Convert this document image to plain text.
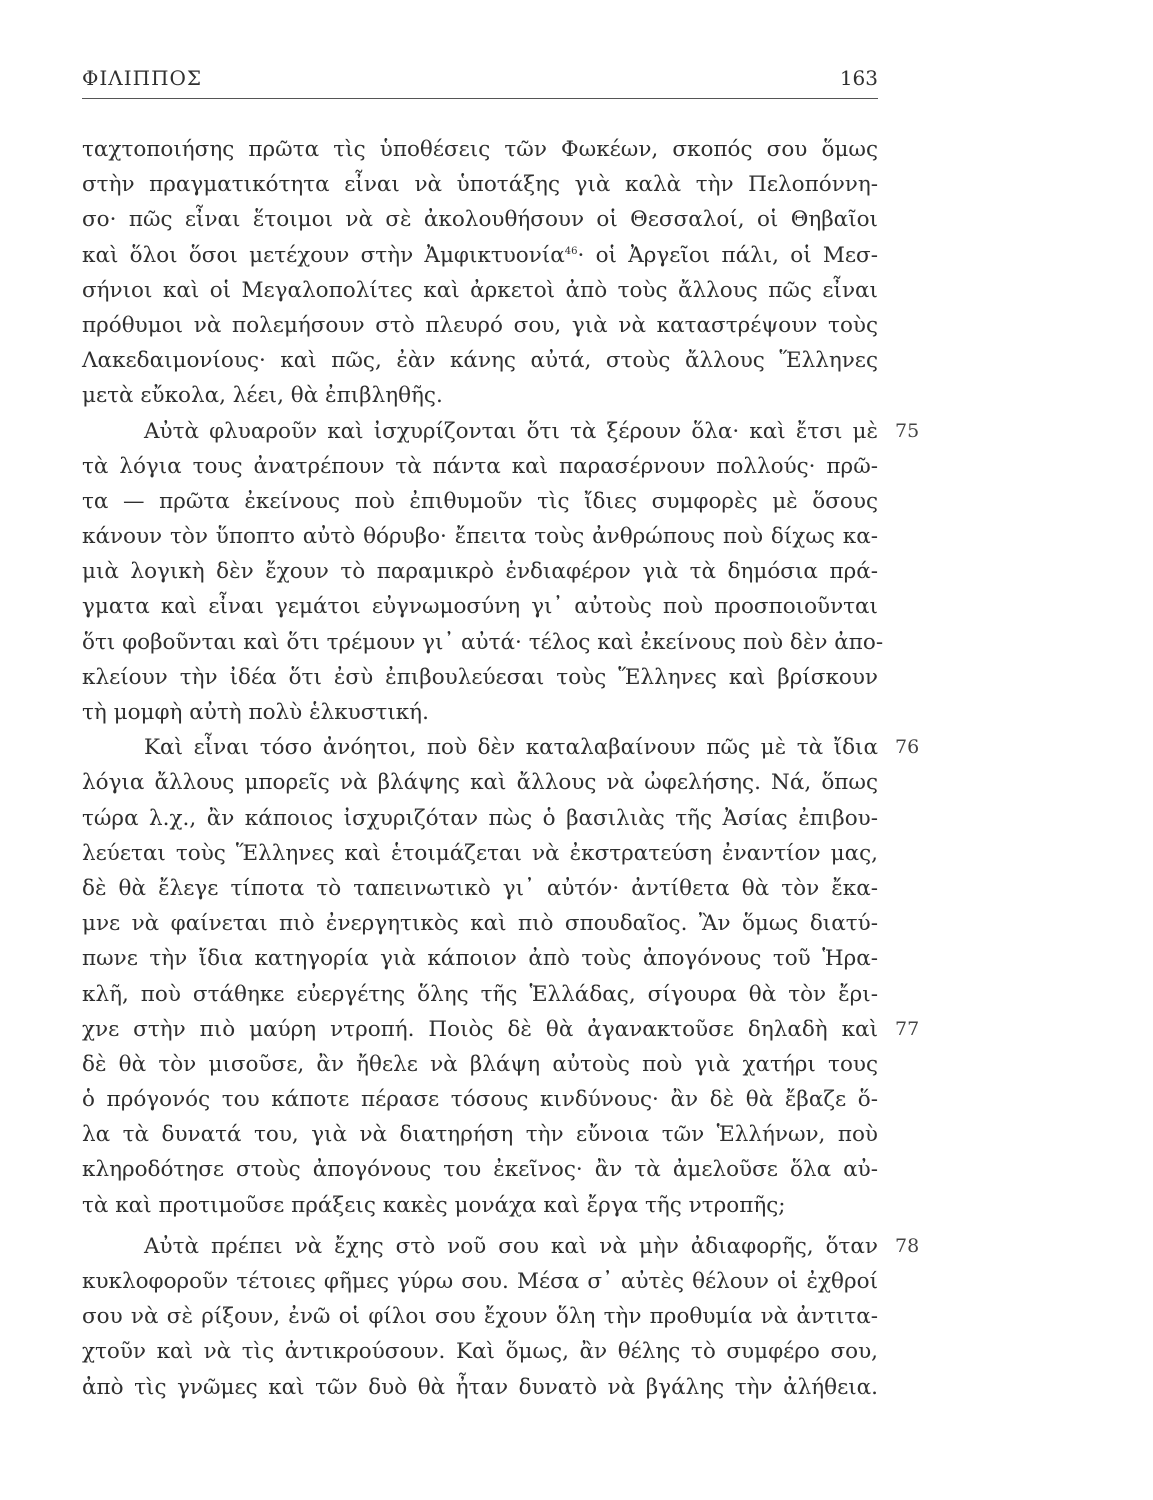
ΦΙΛΙΠΠΟΣ	163
ταχτοποιήσης πρῶτα τὶς ὑποθέσεις τῶν Φωκέων, σκοπός σου ὅμως
στὴν πραγματικότητα εἶναι νὰ ὑποτάξης γιὰ καλὰ τὴν Πελοπόννη-
σο· πῶς εἶναι ἕτοιμοι νὰ σὲ ἀκολουθήσουν οἱ Θεσσαλοί, οἱ Θηβαῖοι
καὶ ὅλοι ὅσοι μετέχουν στὴν Ἀμφικτυονία$^{46}$· οἱ Ἀργεῖοι πάλι, οἱ Μεσ-
σήνιοι καὶ οἱ Μεγαλοπολίτες καὶ ἀρκετοὶ ἀπὸ τοὺς ἄλλους πῶς εἶναι
πρόθυμοι νὰ πολεμήσουν στὸ πλευρό σου, γιὰ νὰ καταστρέψουν τοὺς
Λακεδαιμονίους· καὶ πῶς, ἐὰν κάνης αὐτά, στοὺς ἄλλους Ἕλληνες
μετὰ εὔκολα, λέει, θὰ ἐπιβληθῆς.
Αὐτὰ φλυαροῦν καὶ ἰσχυρίζονται ὅτι τὰ ξέρουν ὅλα· καὶ ἔτσι μὲ 75
τὰ λόγια τους ἀνατρέπουν τὰ πάντα καὶ παρασέρνουν πολλούς· πρῶ-
τα — πρῶτα ἐκείνους ποὺ ἐπιθυμοῦν τὶς ἴδιες συμφορὲς μὲ ὅσους
κάνουν τὸν ὕποπτο αὐτὸ θόρυβο· ἔπειτα τοὺς ἀνθρώπους ποὺ δίχως κα-
μιὰ λογικὴ δὲν ἔχουν τὸ παραμικρὸ ἐνδιαφέρον γιὰ τὰ δημόσια πρά-
γματα καὶ εἶναι γεμάτοι εὐγνωμοσύνη γι᾽ αὐτοὺς ποὺ προσποιοῦνται
ὅτι φοβοῦνται καὶ ὅτι τρέμουν γι᾽ αὐτά· τέλος καὶ ἐκείνους ποὺ δὲν ἀπο-
κλείουν τὴν ἰδέα ὅτι ἐσὺ ἐπιβουλεύεσαι τοὺς Ἕλληνες καὶ βρίσκουν
τὴ μομφὴ αὐτὴ πολὺ ἑλκυστική.
Καὶ εἶναι τόσο ἀνόητοι, ποὺ δὲν καταλαβαίνουν πῶς μὲ τὰ ἴδια 76
λόγια ἄλλους μπορεῖς νὰ βλάψης καὶ ἄλλους νὰ ὠφελήσης. Νά, ὅπως
τώρα λ.χ., ἂν κάποιος ἰσχυριζόταν πὼς ὁ βασιλιὰς τῆς Ἀσίας ἐπιβου-
λεύεται τοὺς Ἕλληνες καὶ ἑτοιμάζεται νὰ ἐκστρατεύση ἐναντίον μας,
δὲ θὰ ἔλεγε τίποτα τὸ ταπεινωτικὸ γι᾽ αὐτόν· ἀντίθετα θὰ τὸν ἔκα-
μνε νὰ φαίνεται πιὸ ἐνεργητικὸς καὶ πιὸ σπουδαῖος. Ἂν ὅμως διατύ-
πωνε τὴν ἴδια κατηγορία γιὰ κάποιον ἀπὸ τοὺς ἀπογόνους τοῦ Ἡρα-
κλῆ, ποὺ στάθηκε εὐεργέτης ὅλης τῆς Ἑλλάδας, σίγουρα θὰ τὸν ἔρι-
χνε στὴν πιὸ μαύρη ντροπή. Ποιὸς δὲ θὰ ἀγανακτοῦσε δηλαδὴ καὶ 77
δὲ θὰ τὸν μισοῦσε, ἂν ἤθελε νὰ βλάψη αὐτοὺς ποὺ γιὰ χατήρι τους
ὁ πρόγονός του κάποτε πέρασε τόσους κινδύνους· ἂν δὲ θὰ ἔβαζε ὅ-
λα τὰ δυνατά του, γιὰ νὰ διατηρήση τὴν εὔνοια τῶν Ἑλλήνων, ποὺ
κληροδότησε στοὺς ἀπογόνους του ἐκεῖνος· ἂν τὰ ἀμελοῦσε ὅλα αὐ-
τὰ καὶ προτιμοῦσε πράξεις κακὲς μονάχα καὶ ἔργα τῆς ντροπῆς;
Αὐτὰ πρέπει νὰ ἔχης στὸ νοῦ σου καὶ νὰ μὴν ἀδιαφορῆς, ὅταν 78
κυκλοφοροῦν τέτοιες φῆμες γύρω σου. Μέσα σ᾽ αὐτὲς θέλουν οἱ ἐχθροί
σου νὰ σὲ ρίξουν, ἐνῶ οἱ φίλοι σου ἔχουν ὅλη τὴν προθυμία νὰ ἀντιτα-
χτοῦν καὶ νὰ τὶς ἀντικρούσουν. Καὶ ὅμως, ἂν θέλης τὸ συμφέρο σου,
ἀπὸ τὶς γνῶμες καὶ τῶν δυὸ θὰ ἦταν δυνατὸ νὰ βγάλης τὴν ἀλήθεια.
